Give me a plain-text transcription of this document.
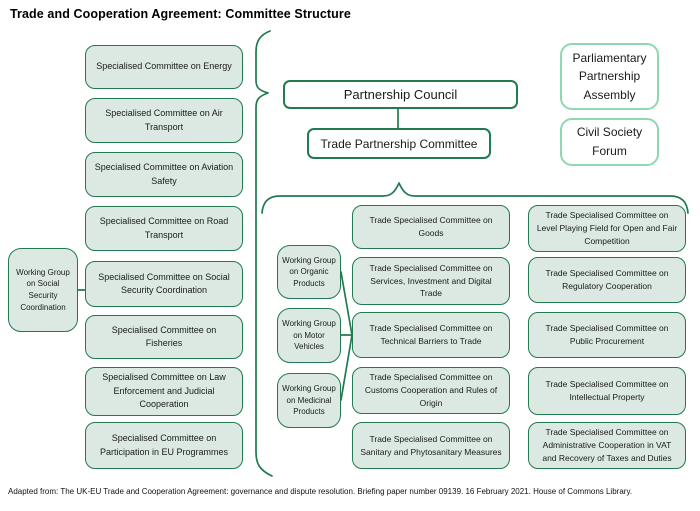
Trade and Cooperation Agreement: Committee Structure
Partnership Council
Trade Partnership Committee
Parliamentary Partnership Assembly
Civil Society Forum
Working Group on Social Security Coordination
Specialised Committee on Energy
Specialised Committee on Air Transport
Specialised Committee on Aviation Safety
Specialised Committee on Road Transport
Specialised Committee on Social Security Coordination
Specialised Committee on Fisheries
Specialised Committee on Law Enforcement and Judicial Cooperation
Specialised Committee on Participation in EU Programmes
Working Group on Organic Products
Working Group on Motor Vehicles
Working Group on Medicinal Products
Trade Specialised Committee on Goods
Trade Specialised Committee on Services, Investment and Digital Trade
Trade Specialised Committee on Technical Barriers to Trade
Trade Specialised Committee on Customs Cooperation and Rules of Origin
Trade Specialised Committee on Sanitary and Phytosanitary Measures
Trade Specialised Committee on Level Playing Field for Open and Fair Competition
Trade Specialised Committee on Regulatory Cooperation
Trade Specialised Committee on Public Procurement
Trade Specialised Committee on Intellectual Property
Trade Specialised Committee on Administrative Cooperation in VAT and Recovery of Taxes and Duties
Adapted from: The UK-EU Trade and Cooperation Agreement: governance and dispute resolution. Briefing paper number 09139. 16 February 2021. House of Commons Library.
